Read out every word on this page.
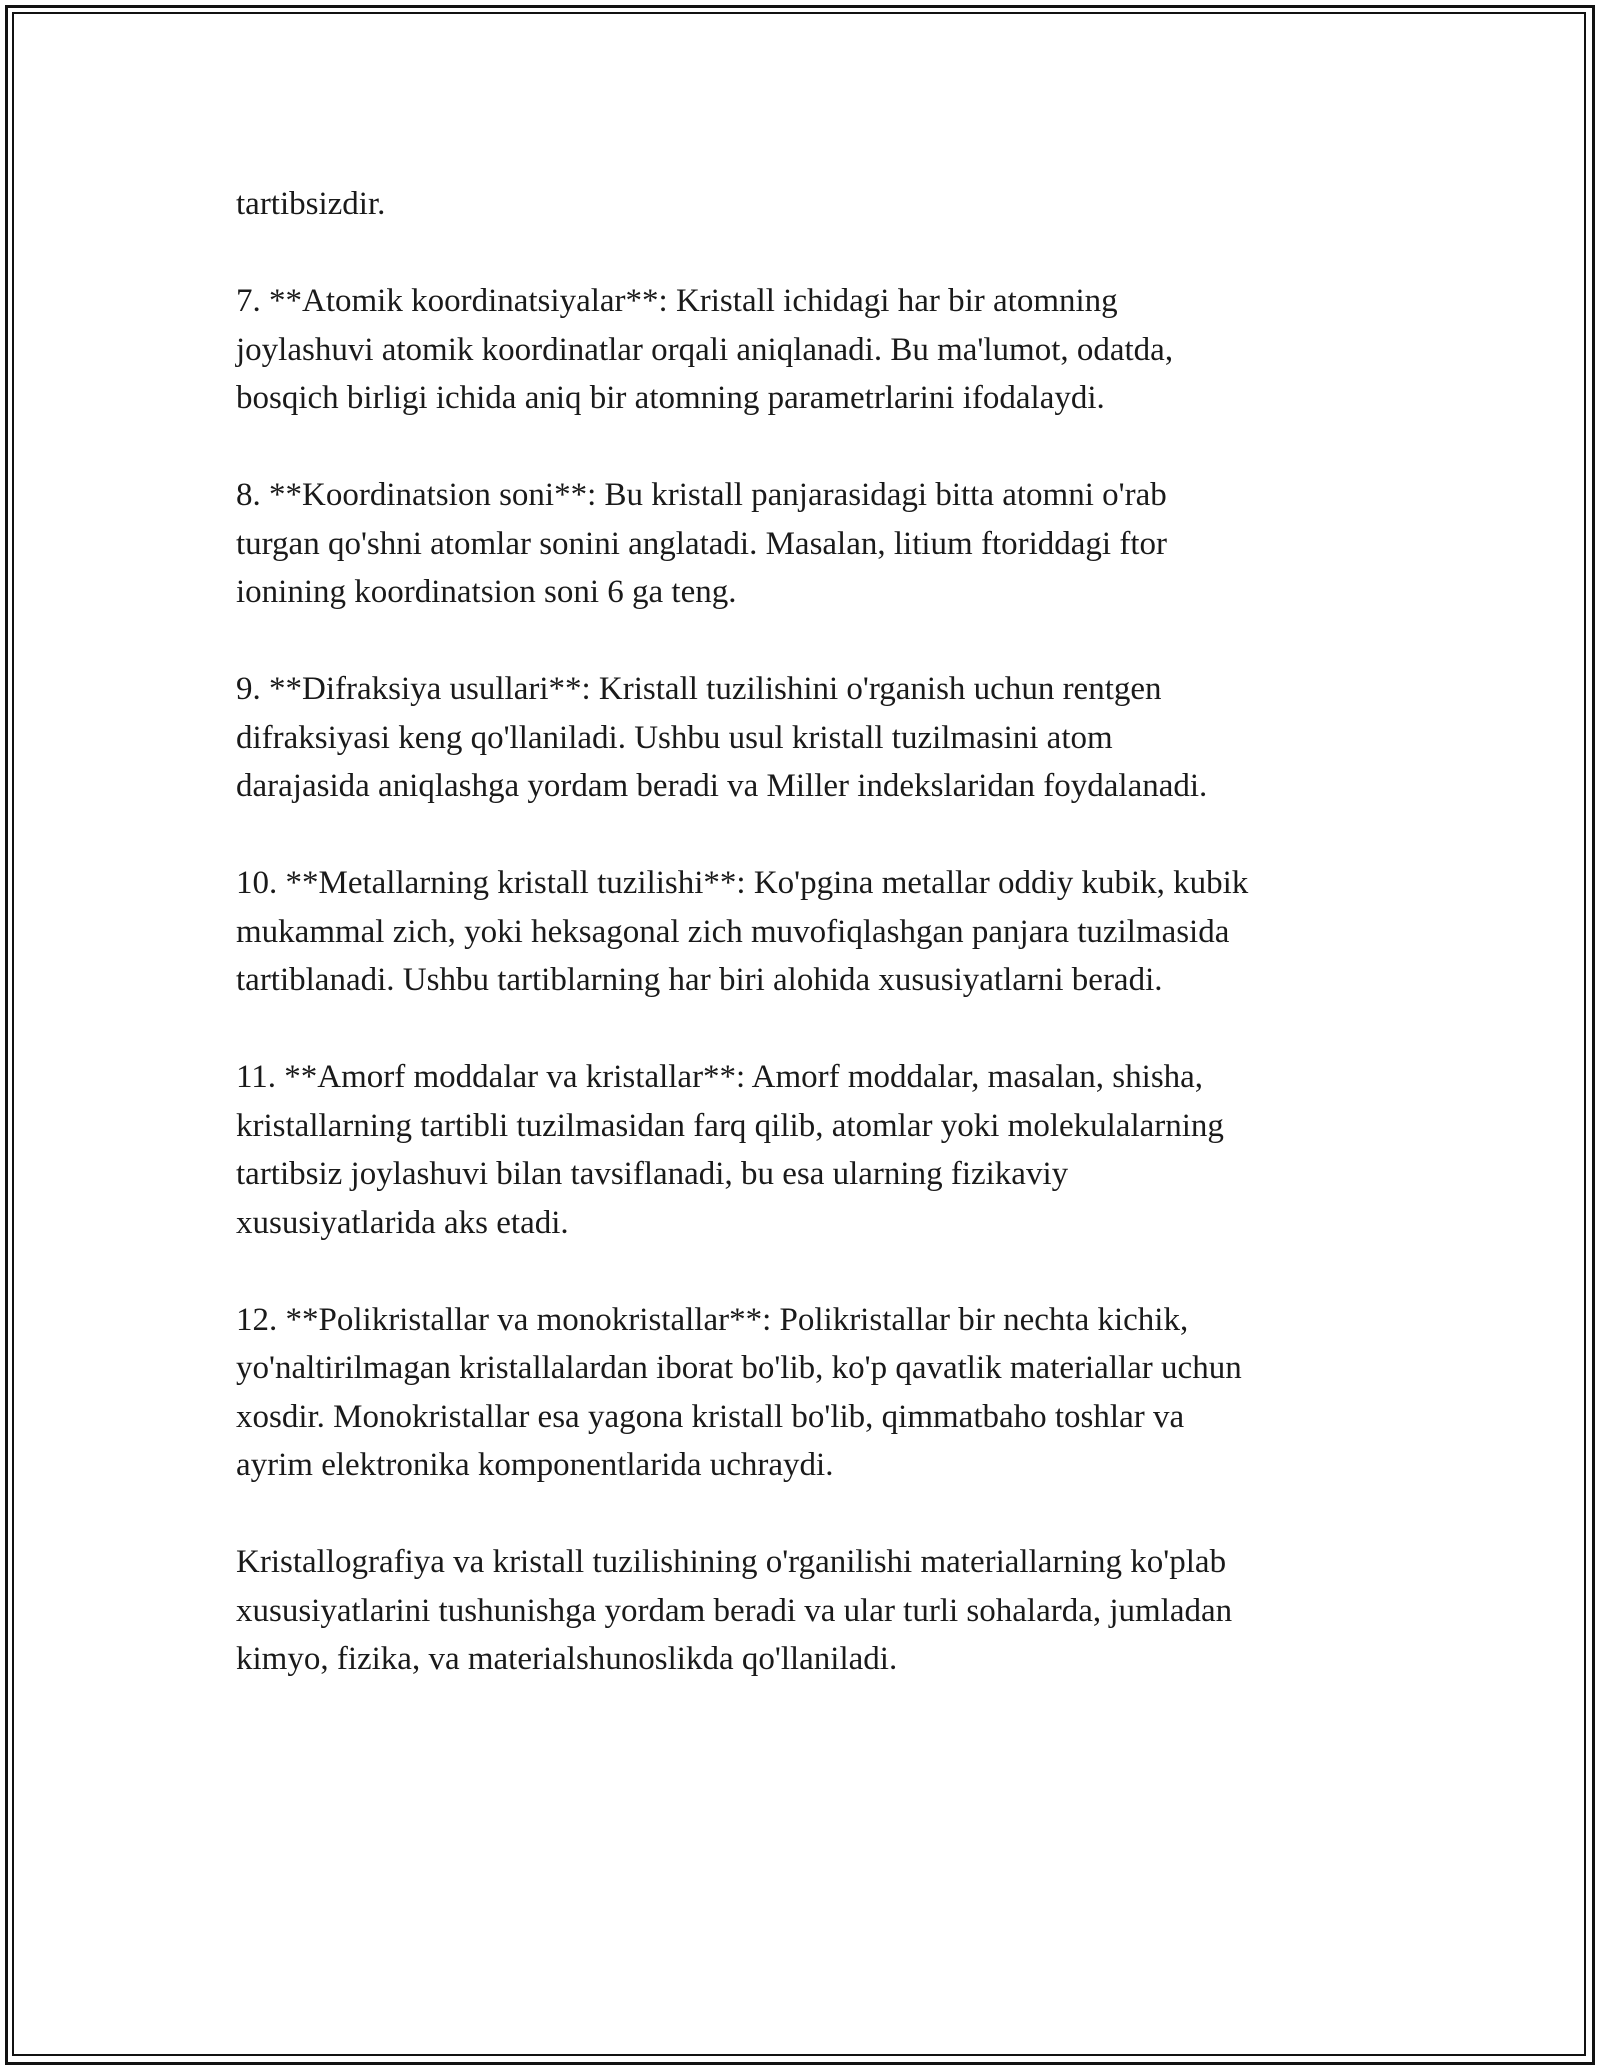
tartibsizdir.

7. **Atomik koordinatsiyalar**: Kristall ichidagi har bir atomning
joylashuvi atomik koordinatlar orqali aniqlanadi. Bu ma'lumot, odatda,
bosqich birligi ichida aniq bir atomning parametrlarini ifodalaydi.

8. **Koordinatsion soni**: Bu kristall panjarasidagi bitta atomni o'rab
turgan qo'shni atomlar sonini anglatadi. Masalan, litium ftoriddagi ftor
ionining koordinatsion soni 6 ga teng.

9. **Difraksiya usullari**: Kristall tuzilishini o'rganish uchun rentgen
difraksiyasi keng qo'llaniladi. Ushbu usul kristall tuzilmasini atom
darajasida aniqlashga yordam beradi va Miller indekslaridan foydalanadi.

10. **Metallarning kristall tuzilishi**: Ko'pgina metallar oddiy kubik, kubik
mukammal zich, yoki heksagonal zich muvofiqlashgan panjara tuzilmasida
tartiblanadi. Ushbu tartiblarning har biri alohida xususiyatlarni beradi.

11. **Amorf moddalar va kristallar**: Amorf moddalar, masalan, shisha,
kristallarning tartibli tuzilmasidan farq qilib, atomlar yoki molekulalarning
tartibsiz joylashuvi bilan tavsiflanadi, bu esa ularning fizikaviy
xususiyatlarida aks etadi.

12. **Polikristallar va monokristallar**: Polikristallar bir nechta kichik,
yo'naltirilmagan kristallalardan iborat bo'lib, ko'p qavatlik materiallar uchun
xosdir. Monokristallar esa yagona kristall bo'lib, qimmatbaho toshlar va
ayrim elektronika komponentlarida uchraydi.

Kristallografiya va kristall tuzilishining o'rganilishi materiallarning ko'plab
xususiyatlarini tushunishga yordam beradi va ular turli sohalarda, jumladan
kimyo, fizika, va materialshunoslikda qo'llaniladi.
